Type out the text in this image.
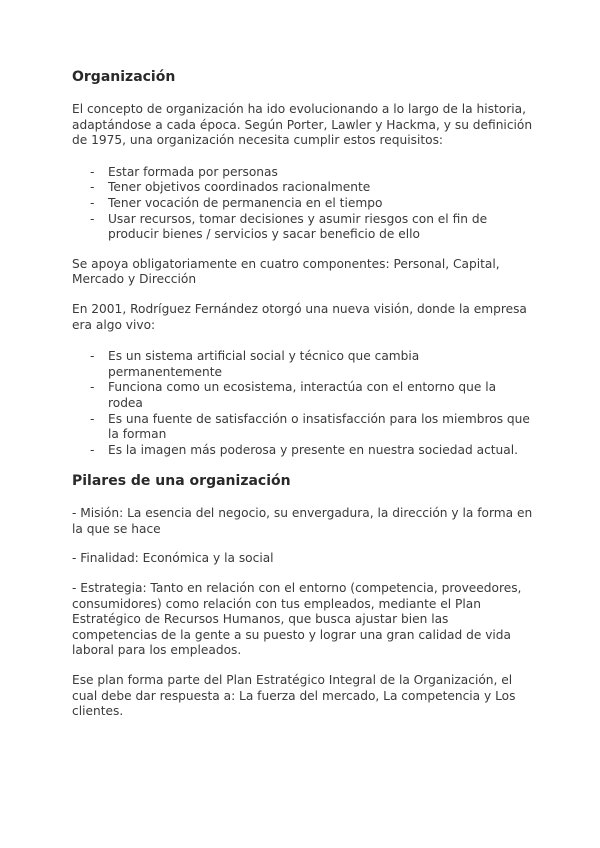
Organización

El concepto de organización ha ido evolucionando a lo largo de la historia, adaptándose a cada época. Según Porter, Lawler y Hackma, y su definición de 1975, una organización necesita cumplir estos requisitos:

- Estar formada por personas
- Tener objetivos coordinados racionalmente
- Tener vocación de permanencia en el tiempo
- Usar recursos, tomar decisiones y asumir riesgos con el fin de producir bienes / servicios y sacar beneficio de ello

Se apoya obligatoriamente en cuatro componentes: Personal, Capital, Mercado y Dirección

En 2001, Rodríguez Fernández otorgó una nueva visión, donde la empresa era algo vivo:

- Es un sistema artificial social y técnico que cambia permanentemente
- Funciona como un ecosistema, interactúa con el entorno que la rodea
- Es una fuente de satisfacción o insatisfacción para los miembros que la forman
- Es la imagen más poderosa y presente en nuestra sociedad actual.
Pilares de una organización

- Misión: La esencia del negocio, su envergadura, la dirección y la forma en la que se hace

- Finalidad: Económica y la social

- Estrategia: Tanto en relación con el entorno (competencia, proveedores, consumidores) como relación con tus empleados, mediante el Plan Estratégico de Recursos Humanos, que busca ajustar bien las competencias de la gente a su puesto y lograr una gran calidad de vida laboral para los empleados.

Ese plan forma parte del Plan Estratégico Integral de la Organización, el cual debe dar respuesta a: La fuerza del mercado, La competencia y Los clientes.
